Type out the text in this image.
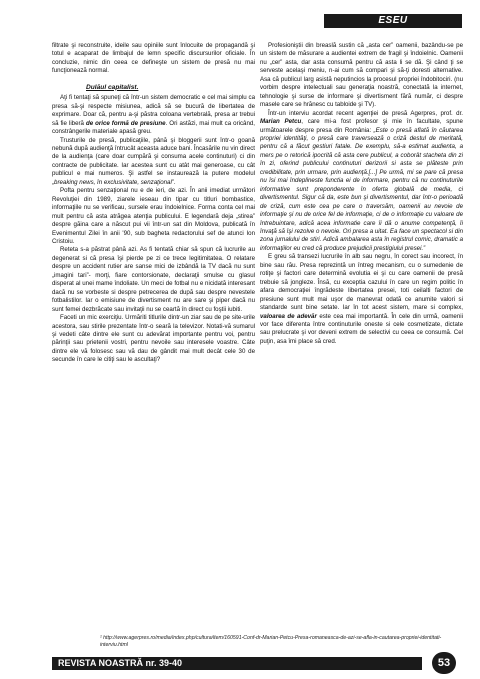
ESEU

filtrate şi reconstruite, ideile sau opiniile sunt înlocuite de propagandă şi totul e acaparat de limbajul de lemn specific discursurilor oficiale. În concluzie, nimic din ceea ce defineşte un sistem de presă nu mai funcţionează normal.

Dulăul capitalist.

Aţi fi tentaţi să spuneţi că într-un sistem democratic e cel mai simplu ca presa să-şi respecte misiunea, adică să se bucură de libertatea de exprimare. Doar că, pentru a-şi păstra coloana vertebrală, presa ar trebui să fie liberă de orice formă de presiune. Ori astăzi, mai mult ca oricând, constrângerile materiale apasă greu.

Trusturile de presă, publicaţiile, până şi bloggerii sunt într-o goană nebună după audienţă întrucât aceasta aduce bani. Încasările nu vin direct de la audienţa (care doar cumpără şi consuma acele continuturi) ci din contracte de publicitate. Iar acestea sunt cu atât mai generoase, cu cât publicul e mai numeros. Şi astfel se instaurează la putere modelul „breaking news, în exclusivitate, senzaţional”.

Pofta pentru senzaţional nu e de ieri, de azi. În anii imediat următori Revoluţiei din 1989, ziarele ieseau din tipar cu titluri bombastice, informaţiile nu se verificau, sursele erau îndoielnice. Forma conta cel mai mult pentru că asta atrăgea atenţia publicului. E legendară deja „stirea” despre găina care a născut pui vii într-un sat din Moldova, publicată în Evenimentul Zilei în anii '90, sub bagheta redactorului sef de atunci Ion Cristoiu.

Reteta s-a păstrat până azi. As fi tentată chiar să spun că lucrurile au degenerat si că presa îşi pierde pe zi ce trece legitimitatea. O relatare despre un accident rutier are sanse mici de izbândă la TV dacă nu sunt „imagini tari”- morţi, fiare contorsionate, declaraţii smulse cu glasul disperat al unei mame îndoliate. Un meci de fotbal nu e nicidată interesant dacă nu se vorbeste si despre petrecerea de după sau despre nevestele fotbalistilor. Iar o emisiune de divertisment nu are sare şi piper dacă nu sunt femei dezbrăcate sau invitaţii nu se ceartă în direct cu foştii iubiti.

Faceti un mic exerciţiu. Urmăriti titlurile dintr-un ziar sau de pe site-urile acestora, sau stirile prezentate într-o seară la televizor. Notati-vă sumarul şi vedeti câte dintre ele sunt cu adevărat importante pentru voi, pentru părinţii sau prietenii vostri, pentru nevoile sau interesele voastre. Câte dintre ele vă folosesc sau vă dau de gândit mai mult decât cele 30 de secunde în care le citiţi sau le ascultaţi?

Profesioniştii din breaslă sustin că „asta cer” oamenii, bazându-se pe un sistem de măsurare a audientei extrem de fragil şi îndoielnic. Oamenii nu „cer” asta, dar asta consumă pentru că asta li se dă. Şi când ţi se serveste acelaşi meniu, n-ai cum să compari şi să-ţi doresti alternative. Asa că publicul larg asistă neputincios la procesul propriei îndobitociri. (nu vorbim despre intelectuali sau generaţia noastră, conectată la internet, tehnologie şi surse de informare şi divertisment fără număr, ci despre masele care se hrănesc cu tabloide şi TV).

Într-un interviu acordat recent agenţiei de presă Agerpres, prof. dr. Marian Petcu, care mi-a fost profesor şi mie în facultate, spune următoarele despre presa din România: „Este o presă aflată în căutarea propriei identităţi, o presă care traversează o criză destul de meritată, pentru că a făcut gestiuri fatale. De exemplu, să-a estimat audienta, a mers pe o retorică ipocrită că asta cere publicul, a coborât stacheta din zi în zi, oferind publicului continuturi derizorii si asta se plăteste prin credibilitate, prin urmare, prin audienţă.[...] Pe urmă, mi se pare că presa nu îsi mai îndeplineste functia ei de informare, pentru că nu continuturile informative sunt preponderente în oferta globală de media, ci divertismentul. Sigur că da, este bun şi divertismentul, dar într-o perioadă de criză, cum este cea pe care o traversăm, oamenii au nevoie de informaţie şi nu de orice fel de informaţie, ci de o informaţie cu valoare de întrebuintare, adică acea informatie care îi dă o anume competenţă, îi învaţă să îşi rezolve o nevoie. Ori presa a uitat. Ea face un spectacol si din zona jurnalului de stiri. Adică ambalarea asta în registrul comic, dramatic a informaţiilor eu cred că produce prejudicii prestigiului presei.”

E greu să transezi lucrurile în alb sau negru, în corect sau incorect, în bine sau rău. Presa reprezintă un întreg mecanism, cu o sumedenie de rotiţe şi factori care determină evolutia ei şi cu care oamenii de presă trebuie să jongleze. Însă, cu exceptia cazului în care un regim politic în afara democraţiei îngrădeste libertatea presei, toti ceilalti factori de presiune sunt mult mai uşor de manevrat odată ce anumite valori si standarde sunt bine setate. Iar în tot acest sistem, mare si complex, valoarea de adevăr este cea mai importantă. În cele din urmă, oamenii vor face diferenta între continuturile oneste si cele cosmetizate, dictate sau prelucrate şi vor deveni extrem de selectivi cu ceea ce consumă. Cel puţin, asa îmi place să cred.

¹ http://www.agerpres.ro/media/index.php/cultura/item/160591-Conf-dr-Marian-Petcu-Presa-romaneasca-de-azi-se-afla-in-cautarea-propriei-identitati-interviu.html
REVISTA NOASTRĂ nr. 39-40	53
